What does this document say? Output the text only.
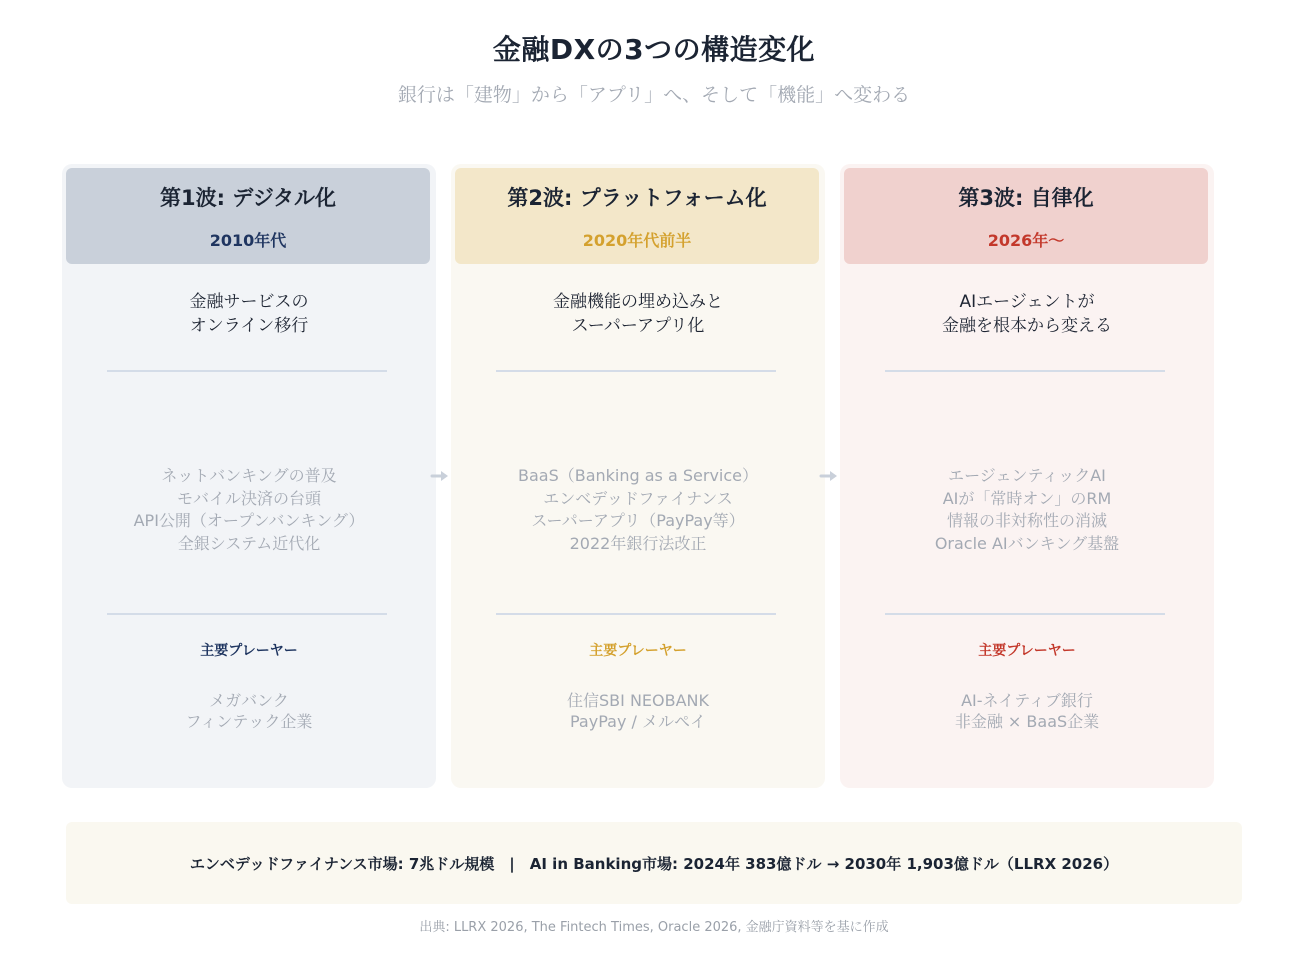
金融DXの3つの構造変化
銀行は「建物」から「アプリ」へ、そして「機能」へ変わる
第1波: デジタル化
2010年代
金融サービスの
オンライン移行
ネットバンキングの普及
モバイル決済の台頭
API公開（オープンバンキング）
全銀システム近代化
主要プレーヤー
メガバンク
フィンテック企業
第2波: プラットフォーム化
2020年代前半
金融機能の埋め込みと
スーパーアプリ化
BaaS（Banking as a Service）
エンベデッドファイナンス
スーパーアプリ（PayPay等）
2022年銀行法改正
主要プレーヤー
住信SBI NEOBANK
PayPay / メルペイ
第3波: 自律化
2026年〜
AIエージェントが
金融を根本から変える
エージェンティックAI
AIが「常時オン」のRM
情報の非対称性の消滅
Oracle AIバンキング基盤
主要プレーヤー
AI-ネイティブ銀行
非金融 × BaaS企業
エンベデッドファイナンス市場: 7兆ドル規模　|　AI in Banking市場: 2024年 383億ドル → 2030年 1,903億ドル（LLRX 2026）
出典: LLRX 2026, The Fintech Times, Oracle 2026, 金融庁資料等を基に作成
